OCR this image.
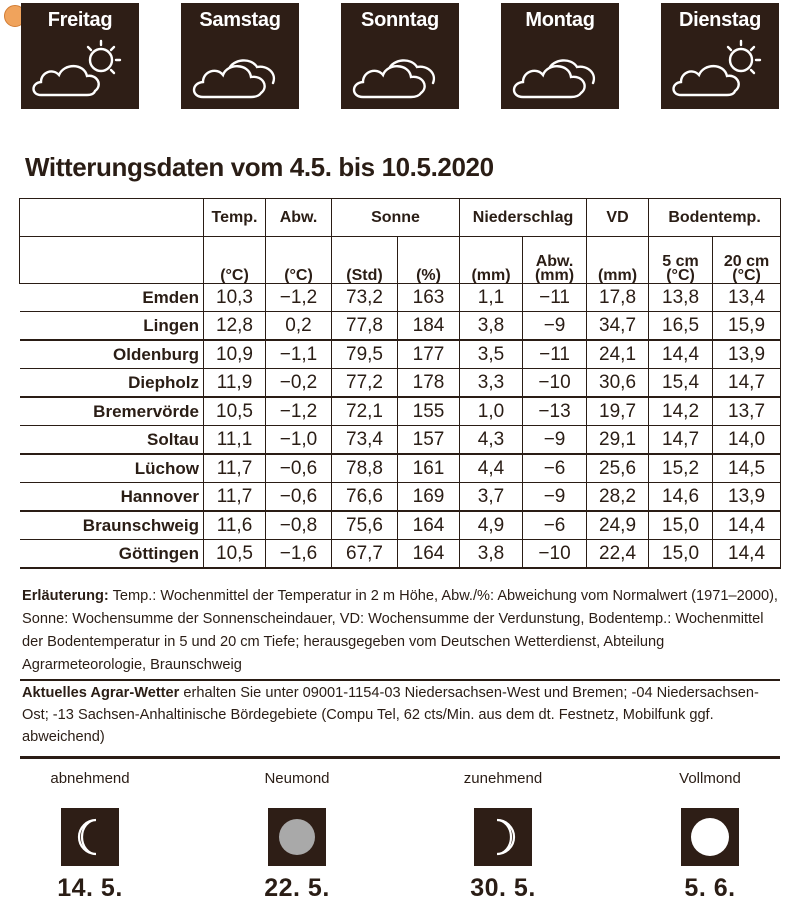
Freitag	Samstag	Sonntag	Montag	Dienstag
Witterungsdaten vom 4.5. bis 10.5.2020
	Temp.	Abw.	Sonne		Niederschlag		VD	Bodentemp.	
	(°C)	(°C)	(Std)	(%)	(mm)	Abw. (mm)	(mm)	5 cm (°C)	20 cm (°C)
Emden	10,3	−1,2	73,2	163	1,1	−11	17,8	13,8	13,4
Lingen	12,8	0,2	77,8	184	3,8	−9	34,7	16,5	15,9
Oldenburg	10,9	−1,1	79,5	177	3,5	−11	24,1	14,4	13,9
Diepholz	11,9	−0,2	77,2	178	3,3	−10	30,6	15,4	14,7
Bremervörde	10,5	−1,2	72,1	155	1,0	−13	19,7	14,2	13,7
Soltau	11,1	−1,0	73,4	157	4,3	−9	29,1	14,7	14,0
Lüchow	11,7	−0,6	78,8	161	4,4	−6	25,6	15,2	14,5
Hannover	11,7	−0,6	76,6	169	3,7	−9	28,2	14,6	13,9
Braunschweig	11,6	−0,8	75,6	164	4,9	−6	24,9	15,0	14,4
Göttingen	10,5	−1,6	67,7	164	3,8	−10	22,4	15,0	14,4
Erläuterung: Temp.: Wochenmittel der Temperatur in 2 m Höhe, Abw./%: Abweichung vom Normalwert (1971–2000), Sonne: Wochensumme der Sonnenscheindauer, VD: Wochensumme der Verdunstung, Bodentemp.: Wochenmittel der Bodentemperatur in 5 und 20 cm Tiefe; herausgegeben vom Deutschen Wetterdienst, Abteilung Agrarmeteorologie, Braunschweig
Aktuelles Agrar-Wetter erhalten Sie unter 09001-1154-03 Niedersachsen-West und Bremen; -04 Niedersachsen-Ost; -13 Sachsen-Anhaltinische Bördegebiete (Compu Tel, 62 cts/Min. aus dem dt. Festnetz, Mobilfunk ggf. abweichend)
abnehmend
14. 5.
Neumond
22. 5.
zunehmend
30. 5.
Vollmond
5. 6.
